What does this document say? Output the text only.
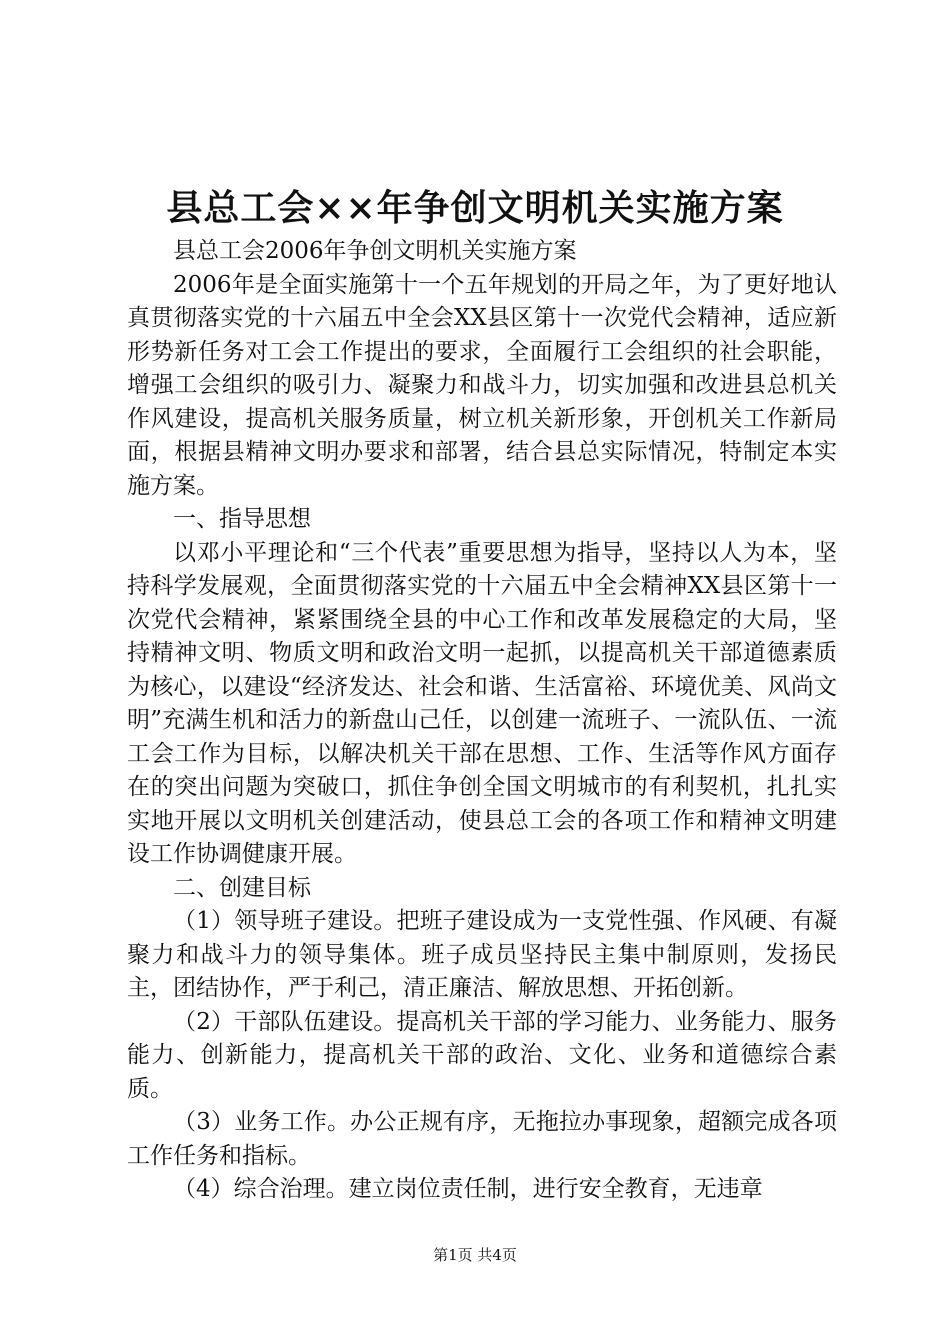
县总工会××年争创文明机关实施方案

县总工会2006年争创文明机关实施方案

2006年是全面实施第十一个五年规划的开局之年，为了更好地认真贯彻落实党的十六届五中全会XX县区第十一次党代会精神，适应新形势新任务对工会工作提出的要求，全面履行工会组织的社会职能，增强工会组织的吸引力、凝聚力和战斗力，切实加强和改进县总机关作风建设，提高机关服务质量，树立机关新形象，开创机关工作新局面，根据县精神文明办要求和部署，结合县总实际情况，特制定本实施方案。

一、指导思想

以邓小平理论和“三个代表”重要思想为指导，坚持以人为本，坚持科学发展观，全面贯彻落实党的十六届五中全会精神XX县区第十一次党代会精神，紧紧围绕全县的中心工作和改革发展稳定的大局，坚持精神文明、物质文明和政治文明一起抓，以提高机关干部道德素质为核心，以建设“经济发达、社会和谐、生活富裕、环境优美、风尚文明”充满生机和活力的新盘山己任，以创建一流班子、一流队伍、一流工会工作为目标，以解决机关干部在思想、工作、生活等作风方面存在的突出问题为突破口，抓住争创全国文明城市的有利契机，扎扎实实地开展以文明机关创建活动，使县总工会的各项工作和精神文明建设工作协调健康开展。

二、创建目标

（1）领导班子建设。把班子建设成为一支党性强、作风硬、有凝聚力和战斗力的领导集体。班子成员坚持民主集中制原则，发扬民主，团结协作，严于利己，清正廉洁、解放思想、开拓创新。

（2）干部队伍建设。提高机关干部的学习能力、业务能力、服务能力、创新能力，提高机关干部的政治、文化、业务和道德综合素质。

（3）业务工作。办公正规有序，无拖拉办事现象，超额完成各项工作任务和指标。

（4）综合治理。建立岗位责任制，进行安全教育，无违章

第1页 共4页
